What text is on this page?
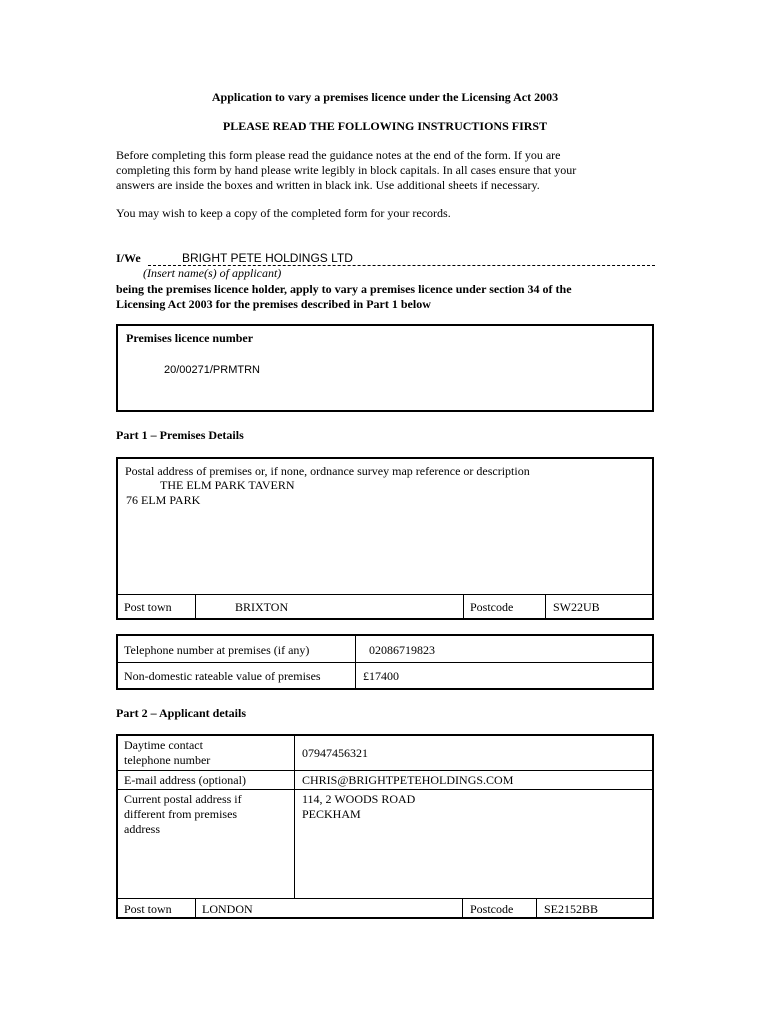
Application to vary a premises licence under the Licensing Act 2003
PLEASE READ THE FOLLOWING INSTRUCTIONS FIRST
Before completing this form please read the guidance notes at the end of the form. If you are
completing this form by hand please write legibly in block capitals. In all cases ensure that your
answers are inside the boxes and written in black ink. Use additional sheets if necessary.
You may wish to keep a copy of the completed form for your records.
I/We	BRIGHT PETE HOLDINGS LTD
(Insert name(s) of applicant)
being the premises licence holder, apply to vary a premises licence under section 34 of the
Licensing Act 2003 for the premises described in Part 1 below
Premises licence number
20/00271/PRMTRN
Part 1 – Premises Details
Postal address of premises or, if none, ordnance survey map reference or description
THE ELM PARK TAVERN
76 ELM PARK
Post town	BRIXTON	Postcode	SW22UB
Telephone number at premises (if any)	02086719823
Non-domestic rateable value of premises	£17400
Part 2 – Applicant details
Daytime contact
telephone number	07947456321
E-mail address (optional)	CHRIS@BRIGHTPETEHOLDINGS.COM
Current postal address if
different from premises
address
114, 2 WOODS ROAD
PECKHAM
Post town	LONDON	Postcode	SE2152BB
